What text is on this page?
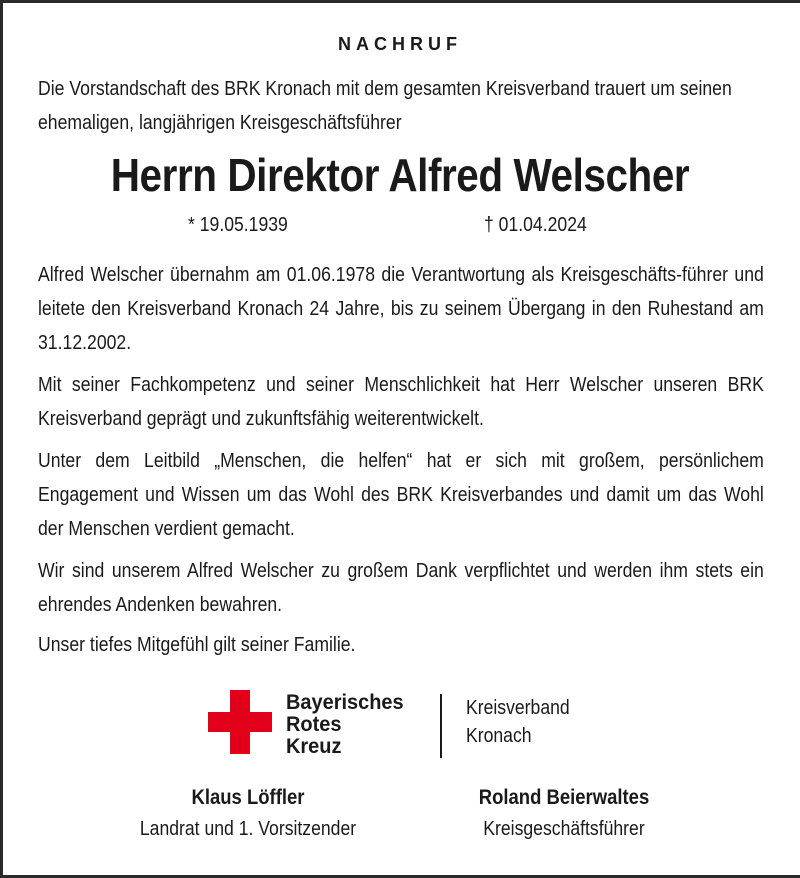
NACHRUF
Die Vorstandschaft des BRK Kronach mit dem gesamten Kreisverband trauert um seinen ehemaligen, langjährigen Kreisgeschäftsführer
Herrn Direktor Alfred Welscher
* 19.05.1939	† 01.04.2024
Alfred Welscher übernahm am 01.06.1978 die Verantwortung als Kreisgeschäfts-führer und leitete den Kreisverband Kronach 24 Jahre, bis zu seinem Übergang in den Ruhestand am 31.12.2002.
Mit seiner Fachkompetenz und seiner Menschlichkeit hat Herr Welscher unseren BRK Kreisverband geprägt und zukunftsfähig weiterentwickelt.
Unter dem Leitbild „Menschen, die helfen“ hat er sich mit großem, persönlichem Engagement und Wissen um das Wohl des BRK Kreisverbandes und damit um das Wohl der Menschen verdient gemacht.
Wir sind unserem Alfred Welscher zu großem Dank verpflichtet und werden ihm stets ein ehrendes Andenken bewahren.
Unser tiefes Mitgefühl gilt seiner Familie.
Bayerisches
Rotes
Kreuz
Kreisverband
Kronach
Klaus Löffler
Landrat und 1. Vorsitzender
Roland Beierwaltes
Kreisgeschäftsführer
